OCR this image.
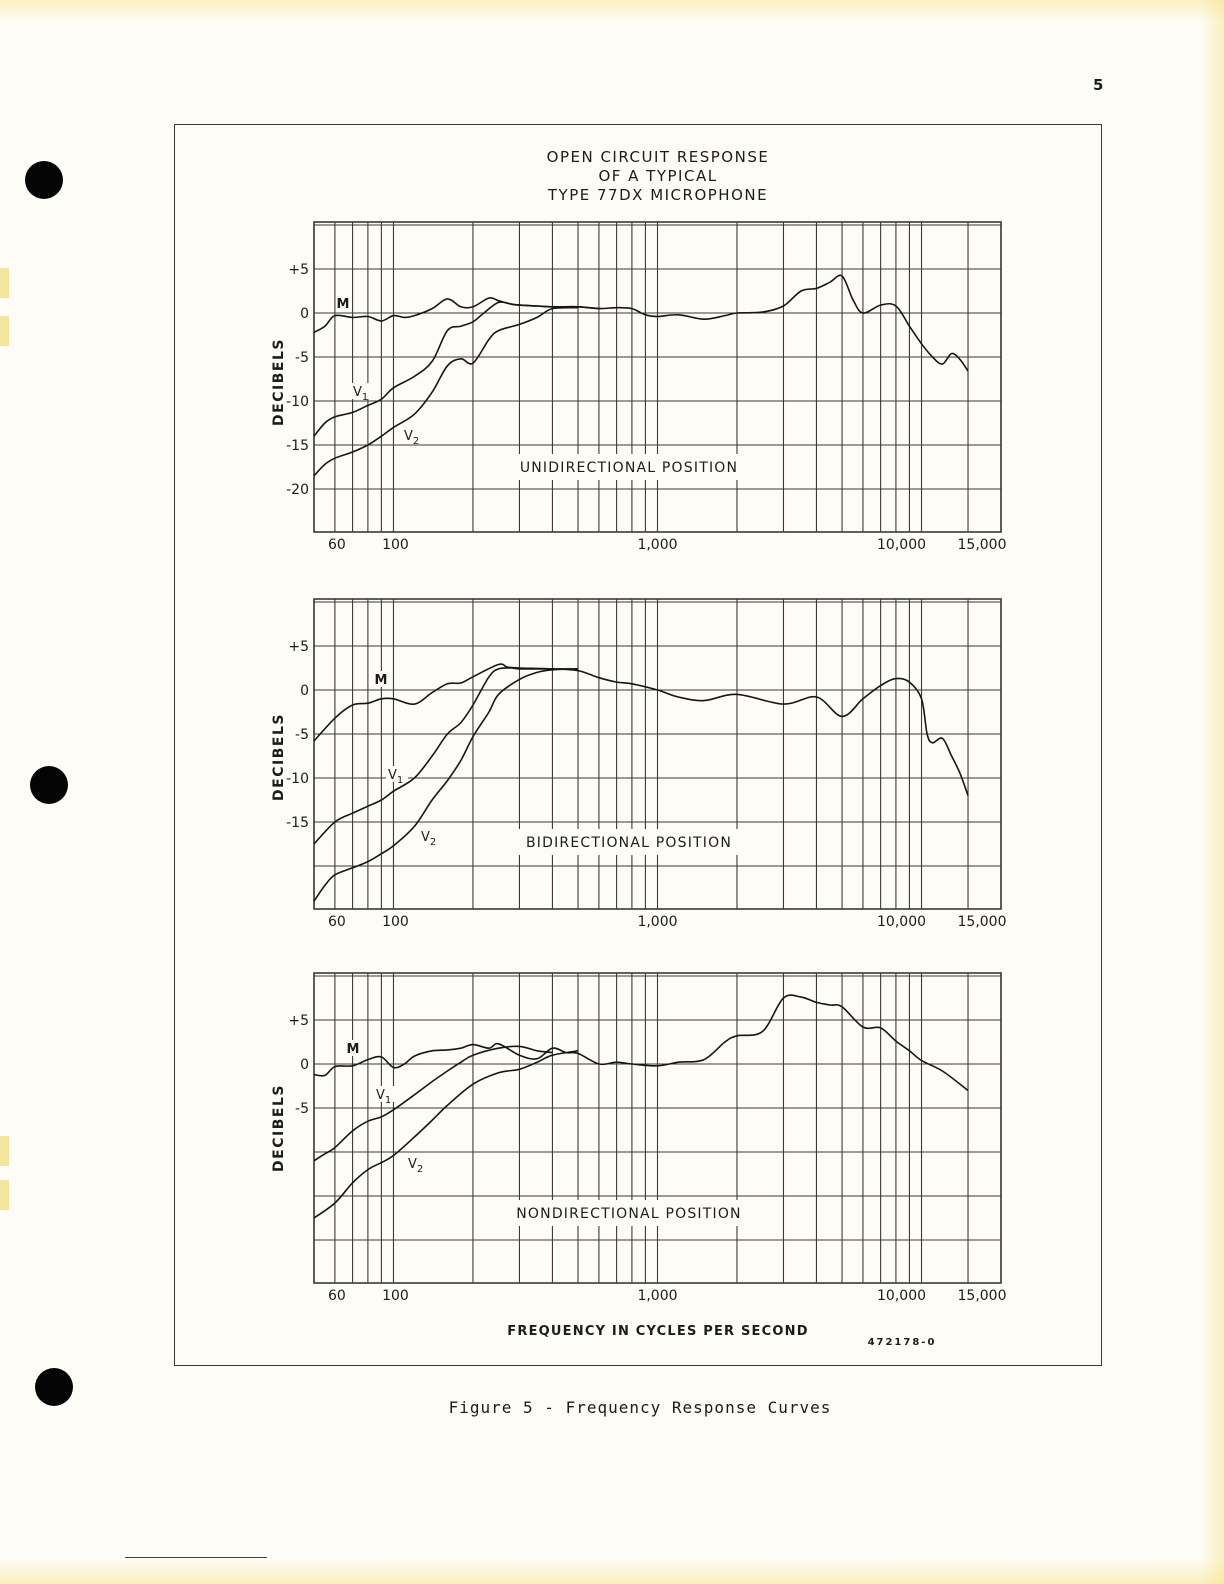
5
OPEN CIRCUIT RESPONSE
OF A TYPICAL
TYPE 77DX MICROPHONE
UNIDIRECTIONAL POSITION
M
$V_1$
$V_2$
+5
0
-5
-10
-15
-20
DECIBELS
60	100	1,000	10,000 15,000
BIDIRECTIONAL POSITION
M
$V_1$
$V_2$
+5
0
-5
-10
-15
DECIBELS
60	100	1,000	10,000 15,000
NONDIRECTIONAL POSITION
M
$V_1$
$V_2$
+5
0
-5
DECIBELS
60	100	1,000	10,000 15,000
FREQUENCY IN CYCLES PER SECOND
472178-0
Figure 5 - Frequency Response Curves
